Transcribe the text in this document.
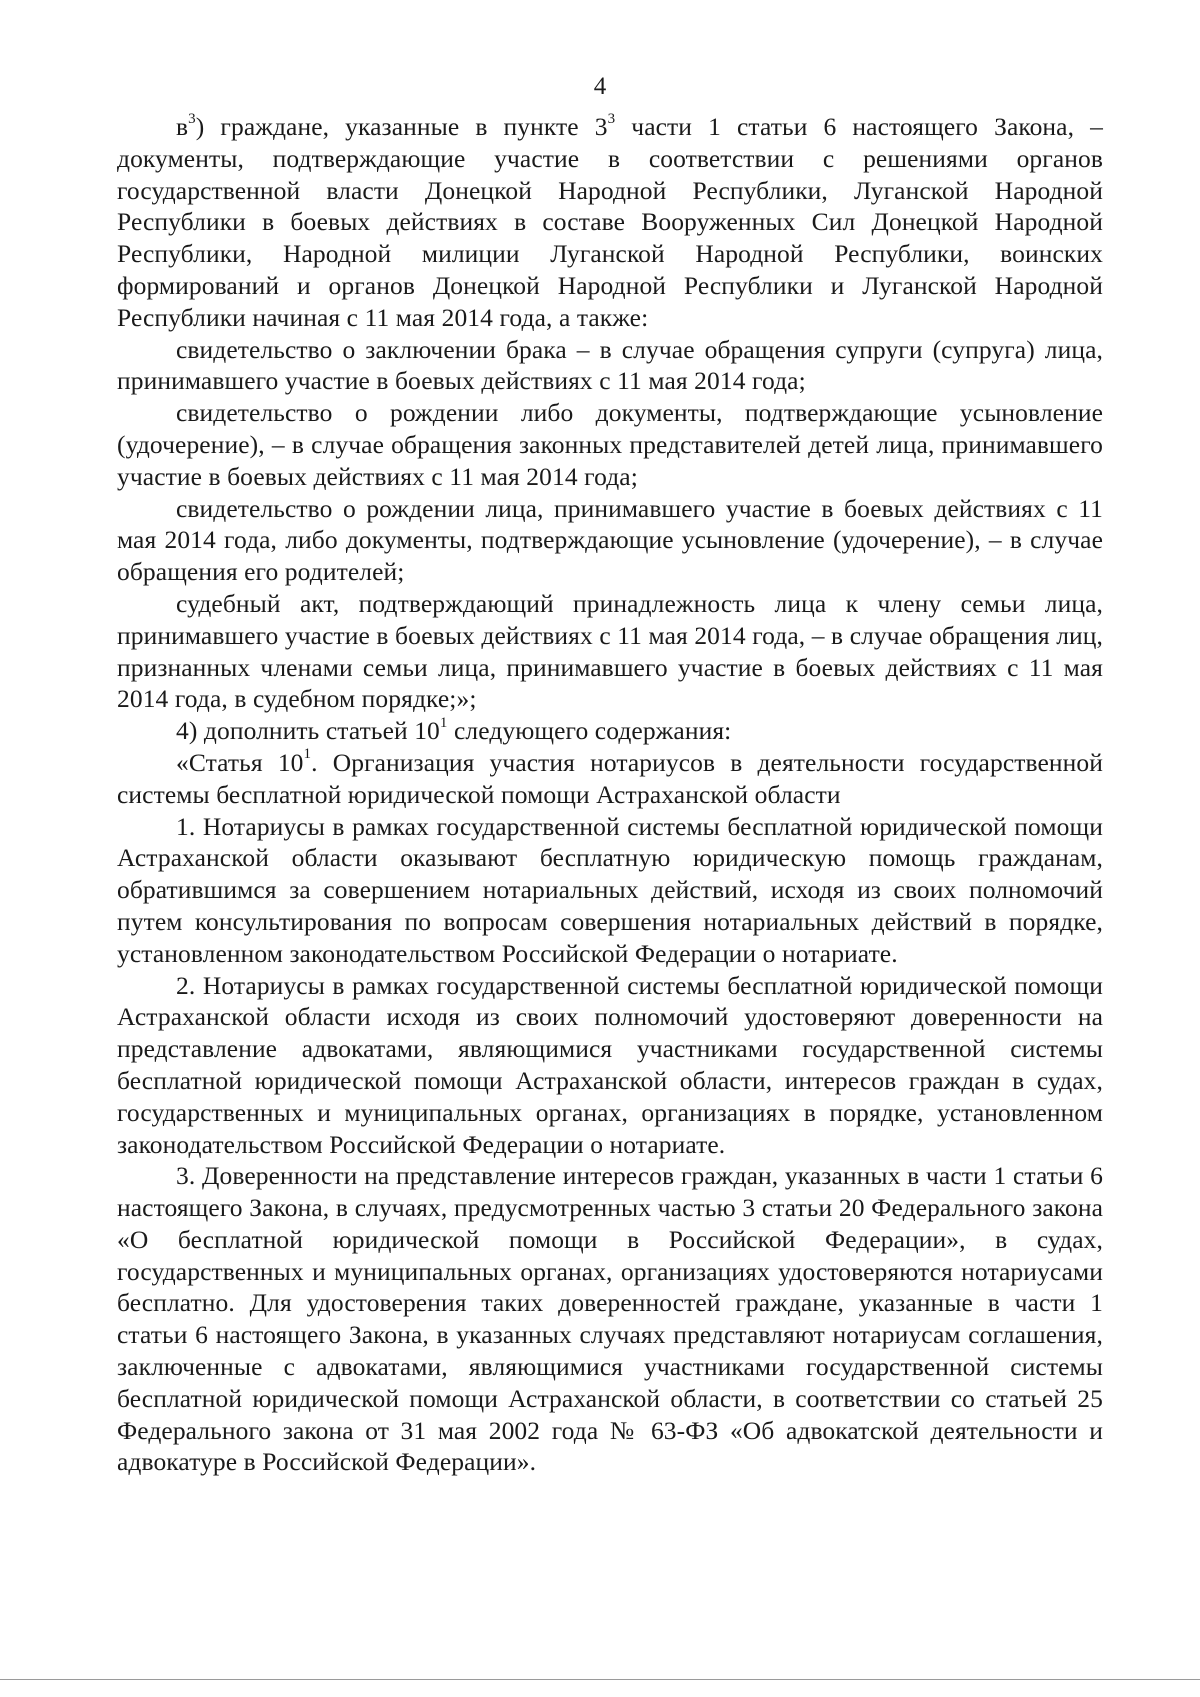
4

$в^3$) граждане, указанные в пункте $3^3$ части 1 статьи 6 настоящего Закона, – документы, подтверждающие участие в соответствии с решениями органов государственной власти Донецкой Народной Республики, Луганской Народной Республики в боевых действиях в составе Вооруженных Сил Донецкой Народной Республики, Народной милиции Луганской Народной Республики, воинских формирований и органов Донецкой Народной Республики и Луганской Народной Республики начиная с 11 мая 2014 года, а также:

свидетельство о заключении брака – в случае обращения супруги (супруга) лица, принимавшего участие в боевых действиях с 11 мая 2014 года;

свидетельство о рождении либо документы, подтверждающие усыновление (удочерение), – в случае обращения законных представителей детей лица, принимавшего участие в боевых действиях с 11 мая 2014 года;

свидетельство о рождении лица, принимавшего участие в боевых действиях с 11 мая 2014 года, либо документы, подтверждающие усыновление (удочерение), – в случае обращения его родителей;

судебный акт, подтверждающий принадлежность лица к члену семьи лица, принимавшего участие в боевых действиях с 11 мая 2014 года, – в случае обращения лиц, признанных членами семьи лица, принимавшего участие в боевых действиях с 11 мая 2014 года, в судебном порядке;»;

4) дополнить статьей $10^1$ следующего содержания:

«Статья $10^1$. Организация участия нотариусов в деятельности государственной системы бесплатной юридической помощи Астраханской области

1. Нотариусы в рамках государственной системы бесплатной юридической помощи Астраханской области оказывают бесплатную юридическую помощь гражданам, обратившимся за совершением нотариальных действий, исходя из своих полномочий путем консультирования по вопросам совершения нотариальных действий в порядке, установленном законодательством Российской Федерации о нотариате.

2. Нотариусы в рамках государственной системы бесплатной юридической помощи Астраханской области исходя из своих полномочий удостоверяют доверенности на представление адвокатами, являющимися участниками государственной системы бесплатной юридической помощи Астраханской области, интересов граждан в судах, государственных и муниципальных органах, организациях в порядке, установленном законодательством Российской Федерации о нотариате.

3. Доверенности на представление интересов граждан, указанных в части 1 статьи 6 настоящего Закона, в случаях, предусмотренных частью 3 статьи 20 Федерального закона «О бесплатной юридической помощи в Российской Федерации», в судах, государственных и муниципальных органах, организациях удостоверяются нотариусами бесплатно. Для удостоверения таких доверенностей граждане, указанные в части 1 статьи 6 настоящего Закона, в указанных случаях представляют нотариусам соглашения, заключенные с адвокатами, являющимися участниками государственной системы бесплатной юридической помощи Астраханской области, в соответствии со статьей 25 Федерального закона от 31 мая 2002 года № 63-ФЗ «Об адвокатской деятельности и адвокатуре в Российской Федерации».
